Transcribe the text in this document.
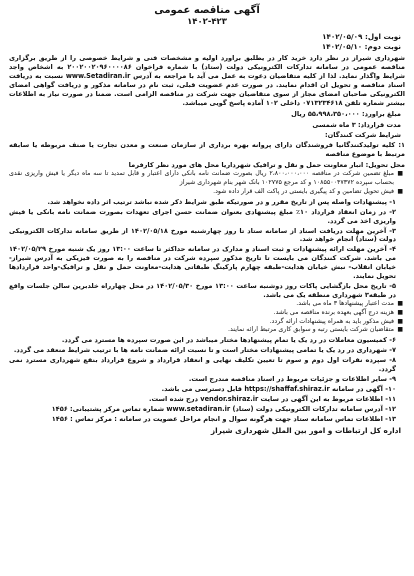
آگهی مناقصه عمومی
۱۴۰۲-۴۲۳
نوبت اول: ۱۴۰۲/۰۵/۰۹
نوبت دوم: ۱۴۰۲/۰۵/۱۰
شهرداری شیراز در نظر دارد خرید کار در یطلبق براورد اولیه و مشخصات فنی و شرایط خصوصی را از طریق برگزاری مناقصه عمومی در سامانه تدارکات الکترونیکی دولت (ستاد) با شماره فراخوان ۲۰۰۲۰۰۲۰۹۶۰۰۰۰۸۶ به اشخاص واجد شرایط واگذار نماید. لذا از کلیه متقاضیان دعوت به عمل می آید با مراجعه به آدرس www.Setadiran.ir نسبت به دریافت اسناد مناقصه و تحویل ان اقدام نمایند. در صورت عدم عضویت قبلی، ثبت نام در سامانه مذکور و دریافت گواهی امضای الکترونیکی صاحبان امضای مجاز از سوی متقاضیان جهت شرکت در مناقصه الزامی است. ضمنا در صورت نیاز به اطلاعات بیشتر شماره تلفن ۰۷۱۳۲۳۴۶۱۸ داخلی ۱۰۲ آماده پاسخ گویی میباشد.
مبلغ براورد: ۵۵،۹۹۸،۳۵۰،۰۰۰ ریال
مدت قرارداد: ۳ ماه شمسی
شرایط شرکت کنندگان:
۱: کلیه تولیدکنندگانیا فروشندگان دارای پروانه بهره برداری از سازمان صنعت و معدن تجارت یا صنف مربوطه یا سابقه مرتبط با موضوع مناقصه
محل تحویل: انبار معاونت حمل و نقل و ترافیک شهرداریا محل های مورد نظر کارفرما
■
مبلغ تضمین شرکت در مناقصه ۲،۸۰۰،۰۰۰،۰۰۰ ریال بصورت ضمانت نامه بانکی دارای اعتبار و قابل تمدید تا سه ماه دیگر یا فیش واریزی نقدی بحساب سپرده ۱۰۸۵۵۰۰۴۷۳۷۲ و کد مرجع ۱۰۲۷۷۵ بانک شهر بنام شهرداری شیراز
■
فیش تحویل تضامین و کد پیگیری بایستی در پاکت الف قرار داده شود.
۱- پیشنهادات واصله پس از تاریخ مقرر و در صورتیکه طبق شرایط ذکر شده نباشد ترتیب اثر داده نخواهد شد.
۲- در زمان انعقاد قرارداد ۱۰٪ مبلغ پیشنهادی بعنوان ضمانت حسن اجرای تعهدات بصورت ضمانت نامه بانکی یا فیش واریزی اخذ می گردد.
۳- آخرین مهلت دریافت اسناد از سامانه ستاد تا روز چهارشنبه مورخ ۱۴۰۲/۰۵/۱۸ از طریق سامانه تدارکات الکترونیکی دولت (ستاد) انجام خواهد شد.
۴- آخرین مهلت ارائه پیشنهادات و ثبت اسناد و مدارک در سامانه حداکثر تا ساعت ۱۳:۰۰ روز یک شنبه مورخ ۱۴۰۲/۰۵/۲۹ می باشد. شرکت کنندگان می بایست تا تاریخ مذکور سپرده شرکت در مناقصه را به صورت فیزیکی به آدرس شیراز-خیابان انقلاب- نبش خیابان هدایت-طبقه چهارم پارکینگ طبقاتی هدایت-معاونت حمل و نقل و ترافیک-واحد قراردادها تحویل نمایند.
۵- تاریخ محل بازگشایی پاکات روز دوشنبه ساعت ۱۳:۰۰ مورخ ۱۴۰۲/۰۵/۳۰ در محل چهارراه خلدبرین سالن جلسات واقع در طبقه۳ شهرداری منطقه یک می باشد.
■
مدت اعتبار پیشنهادها ۳ ماه می باشد.
■
هزینه درج آگهی بعهده برنده مناقصه می باشد.
■
فیش مذکور باید به همراه پیشنهادات ارائه گردد.
■
متقاضیان شرکت بایستی رتبه و سوابق کاری مرتبط ارائه نمایند.
۶- کمیسیون معاملات در رد یک یا تمام پیشنهادها مختار میباشد در این صورت سپرده ها مسترد می گردد.
۷- شهرداری در رد یک یا تمامی پیشنهادات مختار است و تا نسبت ارائه ضمانت نامه ها با ترتیب شرایط منعقد می گردد.
۸- سپرده نفرات اول دوم و سوم تا تعیین تکلیف نهایی و انعقاد قرارداد و شروع قرارداد بنفع شهرداری مسترد نمی گردد.
۹- سایر اطلاعات و جزئیات مربوط در اسناد مناقصه مندرج است.
۱۰- آگهی در سامانه https://shaffaf.shiraz.ir قابل دسترسی می باشد.
۱۱- اطلاعات مربوط به این آگهی در سایت vendor.shiraz.ir درج شده است.
۱۲- آدرس سامانه تدارکات الکترونیکی دولت (ستاد) www.setadiran.ir شماره تماس مرکز پشتیبانی: ۱۴۵۶
۱۳- اطلاعات تماس سامانه ستاد جهت هرگونه سوال و انجام مراحل عضویت در سامانه : مرکز تماس : ۱۴۵۶
اداره کل ارتباطات و امور بین الملل شهرداری شیراز
